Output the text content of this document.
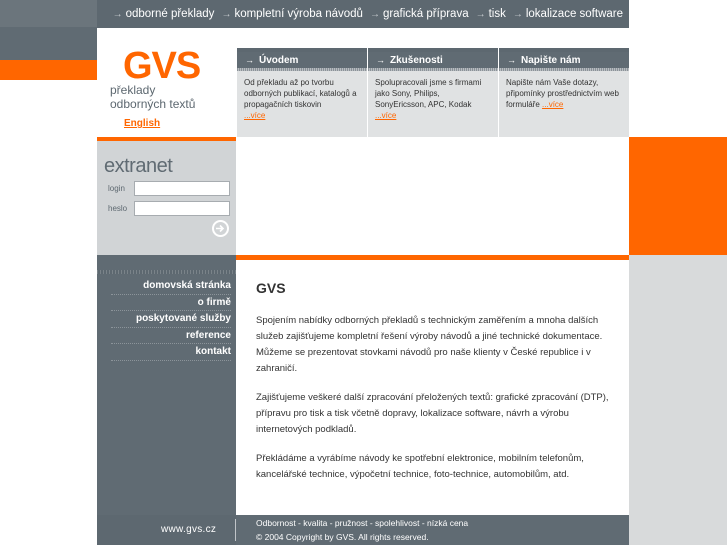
→ odborné překlady → kompletní výroba návodů → grafická příprava → tisk → lokalizace software
GVS
překlady
odborných textů
English
→ Úvodem
Od překladu až po tvorbu odborných publikací, katalogů a propagačních tiskovin
...více
→ Zkušenosti
Spolupracovali jsme s firmami jako Sony, Philips, SonyEricsson, APC, Kodak
...více
→ Napište nám
Napište nám Vaše dotazy, připomínky prostřednictvím web formuláře ...více
extranet
login
heslo
domovská stránka
o firmě
poskytované služby
reference
kontakt
GVS

Spojením nabídky odborných překladů s technickým zaměřením a mnoha dalších služeb zajišťujeme kompletní řešení výroby návodů a jiné technické dokumentace. Můžeme se prezentovat stovkami návodů pro naše klienty v České republice i v zahraničí.

Zajišťujeme veškeré další zpracování přeložených textů: grafické zpracování (DTP), přípravu pro tisk a tisk včetně dopravy, lokalizace software, návrh a výrobu internetových podkladů.

Překládáme a vyrábíme návody ke spotřební elektronice, mobilním telefonům, kancelářské technice, výpočetní technice, foto-technice, automobilům, atd.

www.gvs.cz
Odbornost - kvalita - pružnost - spolehlivost - nízká cena
© 2004 Copyright by GVS. All rights reserved.
